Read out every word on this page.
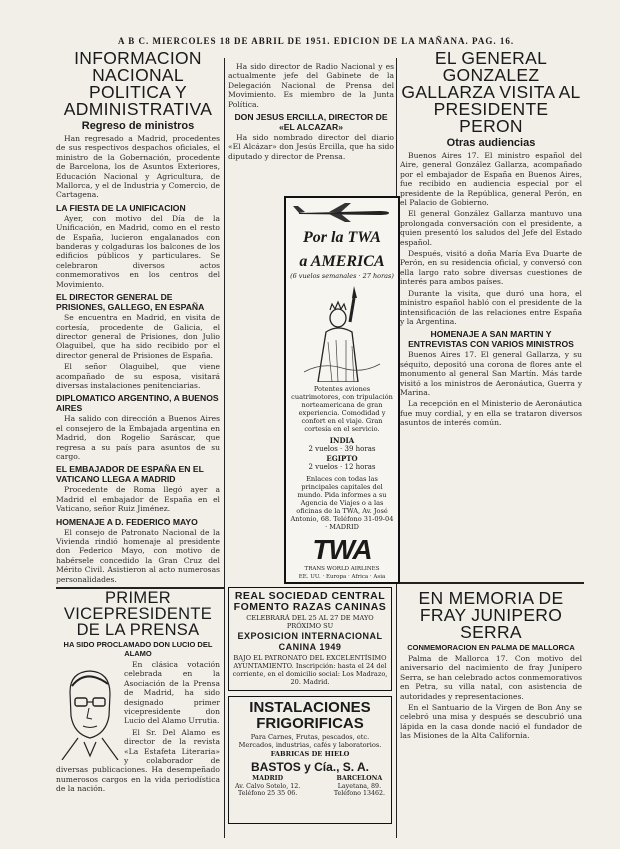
A B C. MIERCOLES 18 DE ABRIL DE 1951. EDICION DE LA MAÑANA. PAG. 16.
INFORMACION NACIONAL POLITICA Y ADMINISTRATIVA
Regreso de ministros

Han regresado a Madrid, procedentes de sus respectivos despachos oficiales, el ministro de la Gobernación, procedente de Barcelona, los de Asuntos Exteriores, Educación Nacional y Agricultura, de Mallorca, y el de Industria y Comercio, de Cartagena.

LA FIESTA DE LA UNIFICACION

Ayer, con motivo del Día de la Unificación, en Madrid, como en el resto de España, lucieron engalanados con banderas y colgaduras los balcones de los edificios públicos y particulares. Se celebraron diversos actos conmemorativos en los centros del Movimiento.

EL DIRECTOR GENERAL DE PRISIONES, GALLEGO, EN ESPAÑA

Se encuentra en Madrid, en visita de cortesía, procedente de Galicia, el director general de Prisiones, don Julio Olaguibel, que ha sido recibido por el director general de Prisiones de España.

El señor Olaguibel, que viene acompañado de su esposa, visitará diversas instalaciones penitenciarias.

DIPLOMATICO ARGENTINO, A BUENOS AIRES

Ha salido con dirección a Buenos Aires el consejero de la Embajada argentina en Madrid, don Rogelio Saráscar, que regresa a su país para asuntos de su cargo.

EL EMBAJADOR DE ESPAÑA EN EL VATICANO LLEGA A MADRID

Procedente de Roma llegó ayer a Madrid el embajador de España en el Vaticano, señor Ruiz Jiménez.

HOMENAJE A D. FEDERICO MAYO

El consejo de Patronato Nacional de la Vivienda rindió homenaje al presidente don Federico Mayo, con motivo de habérsele concedido la Gran Cruz del Mérito Civil. Asistieron al acto numerosas personalidades.

PRIMER VICEPRESIDENTE DE LA PRENSA
HA SIDO PROCLAMADO DON LUCIO DEL ALAMO

En clásica votación celebrada en la Asociación de la Prensa de Madrid, ha sido designado primer vicepresidente don Lucio del Alamo Urrutia.

El Sr. Del Alamo es director de la revista «La Estafeta Literaria» y colaborador de diversas publicaciones. Ha desempeñado numerosos cargos en la vida periodística de la nación.

Ha sido director de Radio Nacional y es actualmente jefe del Gabinete de la Delegación Nacional de Prensa del Movimiento. Es miembro de la Junta Política.

DON JESUS ERCILLA, DIRECTOR DE «EL ALCAZAR»

Ha sido nombrado director del diario «El Alcázar» don Jesús Ercilla, que ha sido diputado y director de Prensa.

Por la TWA
a AMERICA
(6 vuelos semanales · 27 horas)
Potentes aviones cuatrimotores, con tripulación norteamericana de gran experiencia. Comodidad y confort en el viaje. Gran cortesía en el servicio.
INDIA
2 vuelos · 39 horas
EGIPTO
2 vuelos · 12 horas
Enlaces con todas las principales capitales del mundo. Pida informes a su Agencia de Viajes o a las oficinas de la TWA, Av. José Antonio, 68. Teléfono 31-09-04 · MADRID
TWA
TRANS WORLD AIRLINES
EE. UU. · Europa · Africa · Asia
REAL SOCIEDAD CENTRAL
FOMENTO RAZAS CANINAS
CELEBRARÁ DEL 25 AL 27 DE MAYO PRÓXIMO SU
EXPOSICION INTERNACIONAL
CANINA 1949
BAJO EL PATRONATO DEL EXCELENTÍSIMO AYUNTAMIENTO. Inscripción: hasta el 24 del corriente, en el domicilio social: Los Madrazo, 20. Madrid.
INSTALACIONES
FRIGORIFICAS
Para Carnes, Frutas, pescados, etc. Mercados, industrias, cafés y laboratorios.
FABRICAS DE HIELO
BASTOS y Cía., S. A.
MADRID
Av. Calvo Sotelo, 12.
Teléfono 25 35 06.
BARCELONA
Layetana, 89.
Teléfono 13462.
EL GENERAL GONZALEZ GALLARZA VISITA AL PRESIDENTE PERON
Otras audiencias

Buenos Aires 17. El ministro español del Aire, general González Gallarza, acompañado por el embajador de España en Buenos Aires, fue recibido en audiencia especial por el presidente de la República, general Perón, en el Palacio de Gobierno.

El general González Gallarza mantuvo una prolongada conversación con el presidente, a quien presentó los saludos del Jefe del Estado español.

Después, visitó a doña María Eva Duarte de Perón, en su residencia oficial, y conversó con ella largo rato sobre diversas cuestiones de interés para ambos países.

Durante la visita, que duró una hora, el ministro español habló con el presidente de la intensificación de las relaciones entre España y la Argentina.

HOMENAJE A SAN MARTIN Y ENTREVISTAS CON VARIOS MINISTROS

Buenos Aires 17. El general Gallarza, y su séquito, depositó una corona de flores ante el monumento al general San Martín. Más tarde visitó a los ministros de Aeronáutica, Guerra y Marina.

La recepción en el Ministerio de Aeronáutica fue muy cordial, y en ella se trataron diversos asuntos de interés común.

EN MEMORIA DE FRAY JUNIPERO SERRA
CONMEMORACION EN PALMA DE MALLORCA

Palma de Mallorca 17. Con motivo del aniversario del nacimiento de fray Junípero Serra, se han celebrado actos conmemorativos en Petra, su villa natal, con asistencia de autoridades y representaciones.

En el Santuario de la Virgen de Bon Any se celebró una misa y después se descubrió una lápida en la casa donde nació el fundador de las Misiones de la Alta California.
